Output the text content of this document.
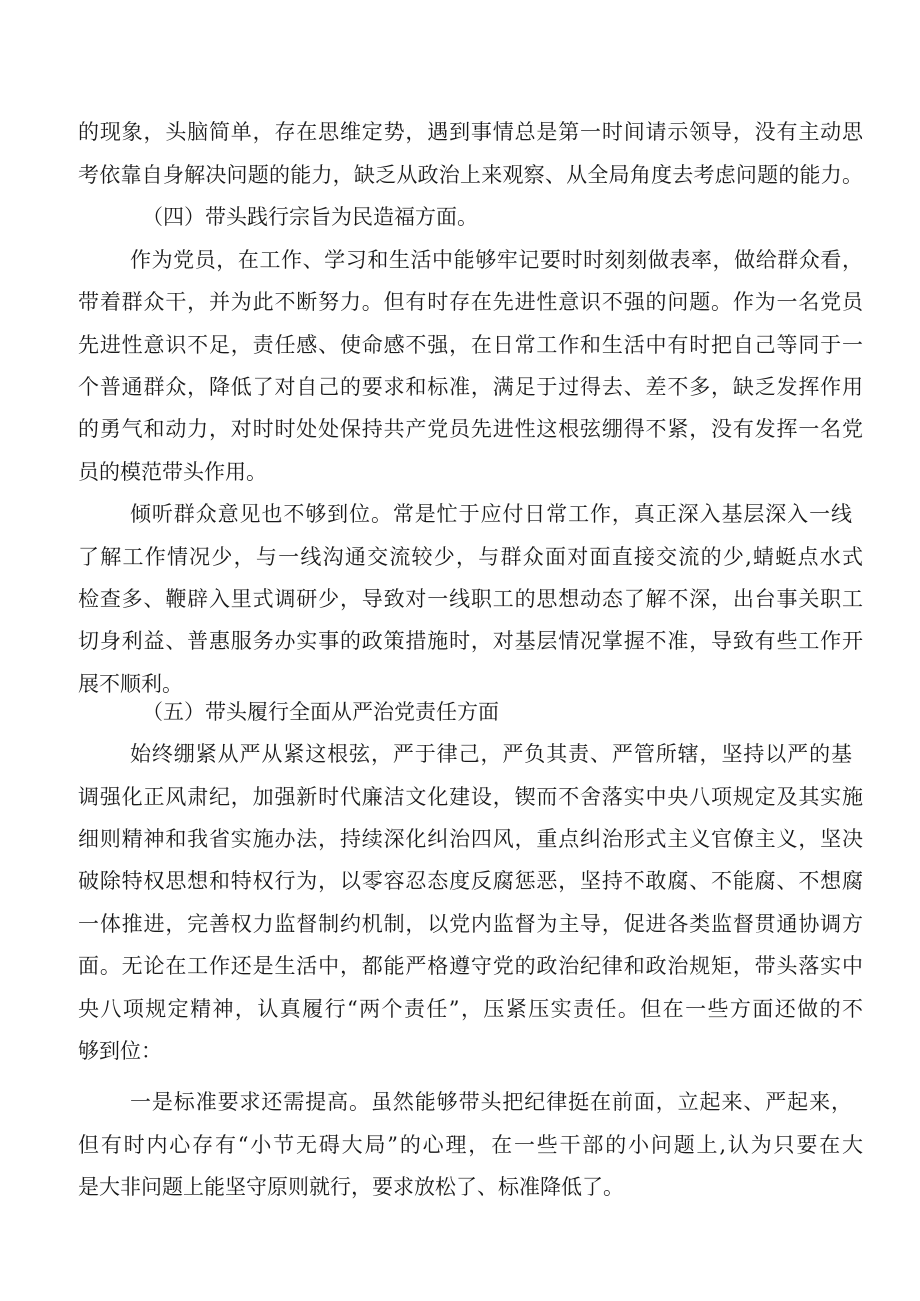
的现象，头脑简单，存在思维定势，遇到事情总是第一时间请示领导，没有主动思
考依靠自身解决问题的能力，缺乏从政治上来观察、从全局角度去考虑问题的能力。
（四）带头践行宗旨为民造福方面。
作为党员，在工作、学习和生活中能够牢记要时时刻刻做表率，做给群众看，
带着群众干，并为此不断努力。但有时存在先进性意识不强的问题。作为一名党员
先进性意识不足，责任感、使命感不强，在日常工作和生活中有时把自己等同于一
个普通群众，降低了对自己的要求和标准，满足于过得去、差不多，缺乏发挥作用
的勇气和动力，对时时处处保持共产党员先进性这根弦绷得不紧，没有发挥一名党
员的模范带头作用。
倾听群众意见也不够到位。常是忙于应付日常工作，真正深入基层深入一线
了解工作情况少，与一线沟通交流较少，与群众面对面直接交流的少,蜻蜓点水式
检查多、鞭辟入里式调研少，导致对一线职工的思想动态了解不深，出台事关职工
切身利益、普惠服务办实事的政策措施时，对基层情况掌握不准，导致有些工作开
展不顺利。
（五）带头履行全面从严治党责任方面
始终绷紧从严从紧这根弦，严于律己，严负其责、严管所辖，坚持以严的基
调强化正风肃纪，加强新时代廉洁文化建设，锲而不舍落实中央八项规定及其实施
细则精神和我省实施办法，持续深化纠治四风，重点纠治形式主义官僚主义，坚决
破除特权思想和特权行为，以零容忍态度反腐惩恶，坚持不敢腐、不能腐、不想腐
一体推进，完善权力监督制约机制，以党内监督为主导，促进各类监督贯通协调方
面。无论在工作还是生活中，都能严格遵守党的政治纪律和政治规矩，带头落实中
央八项规定精神，认真履行“两个责任”，压紧压实责任。但在一些方面还做的不
够到位：
一是标准要求还需提高。虽然能够带头把纪律挺在前面，立起来、严起来，
但有时内心存有“小节无碍大局”的心理，在一些干部的小问题上,认为只要在大
是大非问题上能坚守原则就行，要求放松了、标准降低了。
